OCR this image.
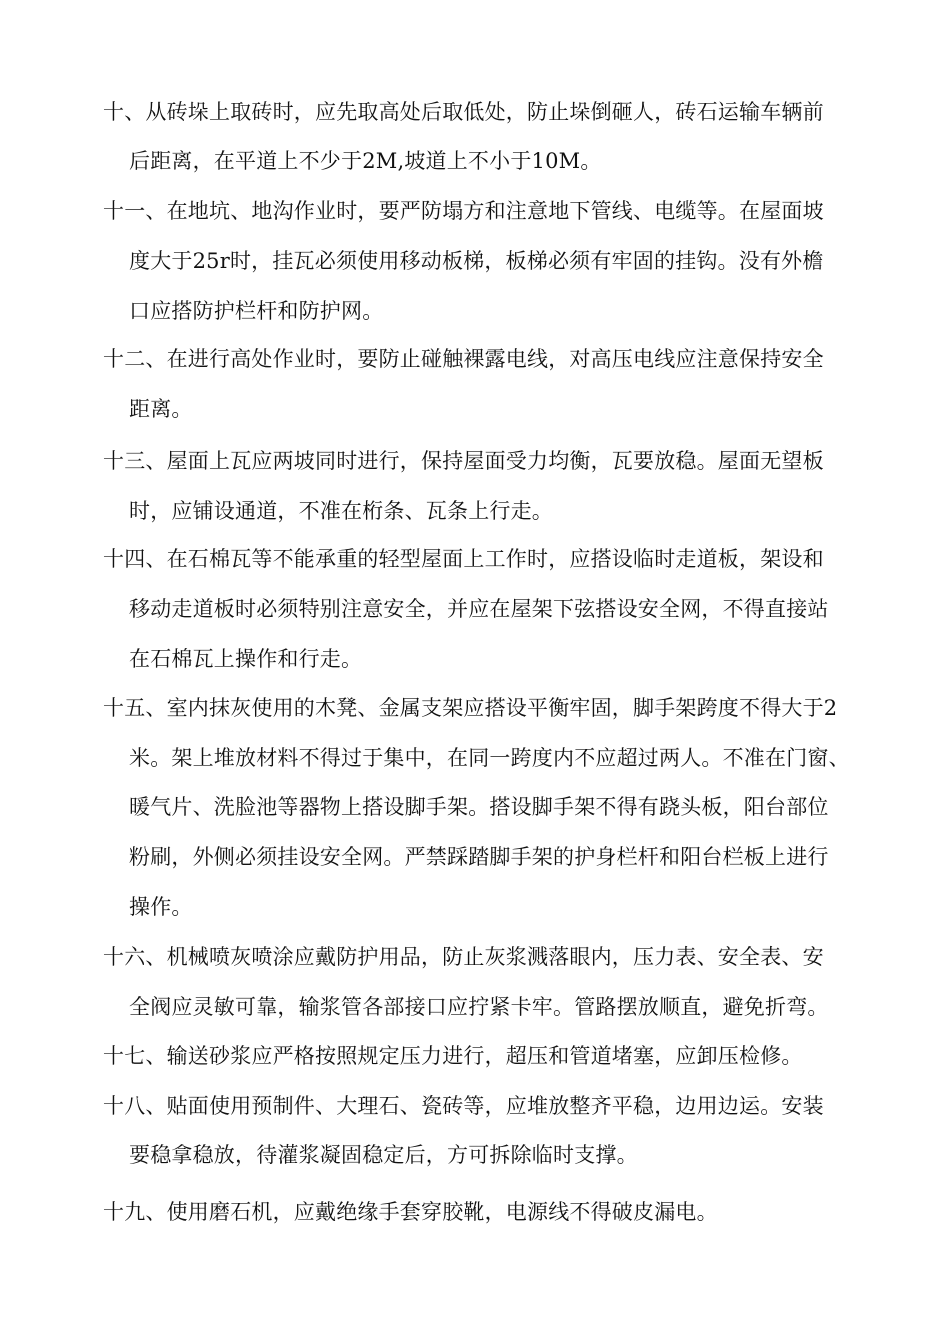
十、从砖垛上取砖时，应先取高处后取低处，防止垛倒砸人，砖石运输车辆前
后距离，在平道上不少于2M,坡道上不小于10M。
十一、在地坑、地沟作业时，要严防塌方和注意地下管线、电缆等。在屋面坡
度大于25r时，挂瓦必须使用移动板梯，板梯必须有牢固的挂钩。没有外檐
口应搭防护栏杆和防护网。
十二、在进行高处作业时，要防止碰触裸露电线，对高压电线应注意保持安全
距离。
十三、屋面上瓦应两坡同时进行，保持屋面受力均衡，瓦要放稳。屋面无望板
时，应铺设通道，不准在桁条、瓦条上行走。
十四、在石棉瓦等不能承重的轻型屋面上工作时，应搭设临时走道板，架设和
移动走道板时必须特别注意安全，并应在屋架下弦搭设安全网，不得直接站
在石棉瓦上操作和行走。
十五、室内抹灰使用的木凳、金属支架应搭设平衡牢固，脚手架跨度不得大于2
米。架上堆放材料不得过于集中，在同一跨度内不应超过两人。不准在门窗、
暖气片、洗脸池等器物上搭设脚手架。搭设脚手架不得有跷头板，阳台部位
粉刷，外侧必须挂设安全网。严禁踩踏脚手架的护身栏杆和阳台栏板上进行
操作。
十六、机械喷灰喷涂应戴防护用品，防止灰浆溅落眼内，压力表、安全表、安
全阀应灵敏可靠，输浆管各部接口应拧紧卡牢。管路摆放顺直，避免折弯。
十七、输送砂浆应严格按照规定压力进行，超压和管道堵塞，应卸压检修。
十八、贴面使用预制件、大理石、瓷砖等，应堆放整齐平稳，边用边运。安装
要稳拿稳放，待灌浆凝固稳定后，方可拆除临时支撑。
十九、使用磨石机，应戴绝缘手套穿胶靴，电源线不得破皮漏电。
